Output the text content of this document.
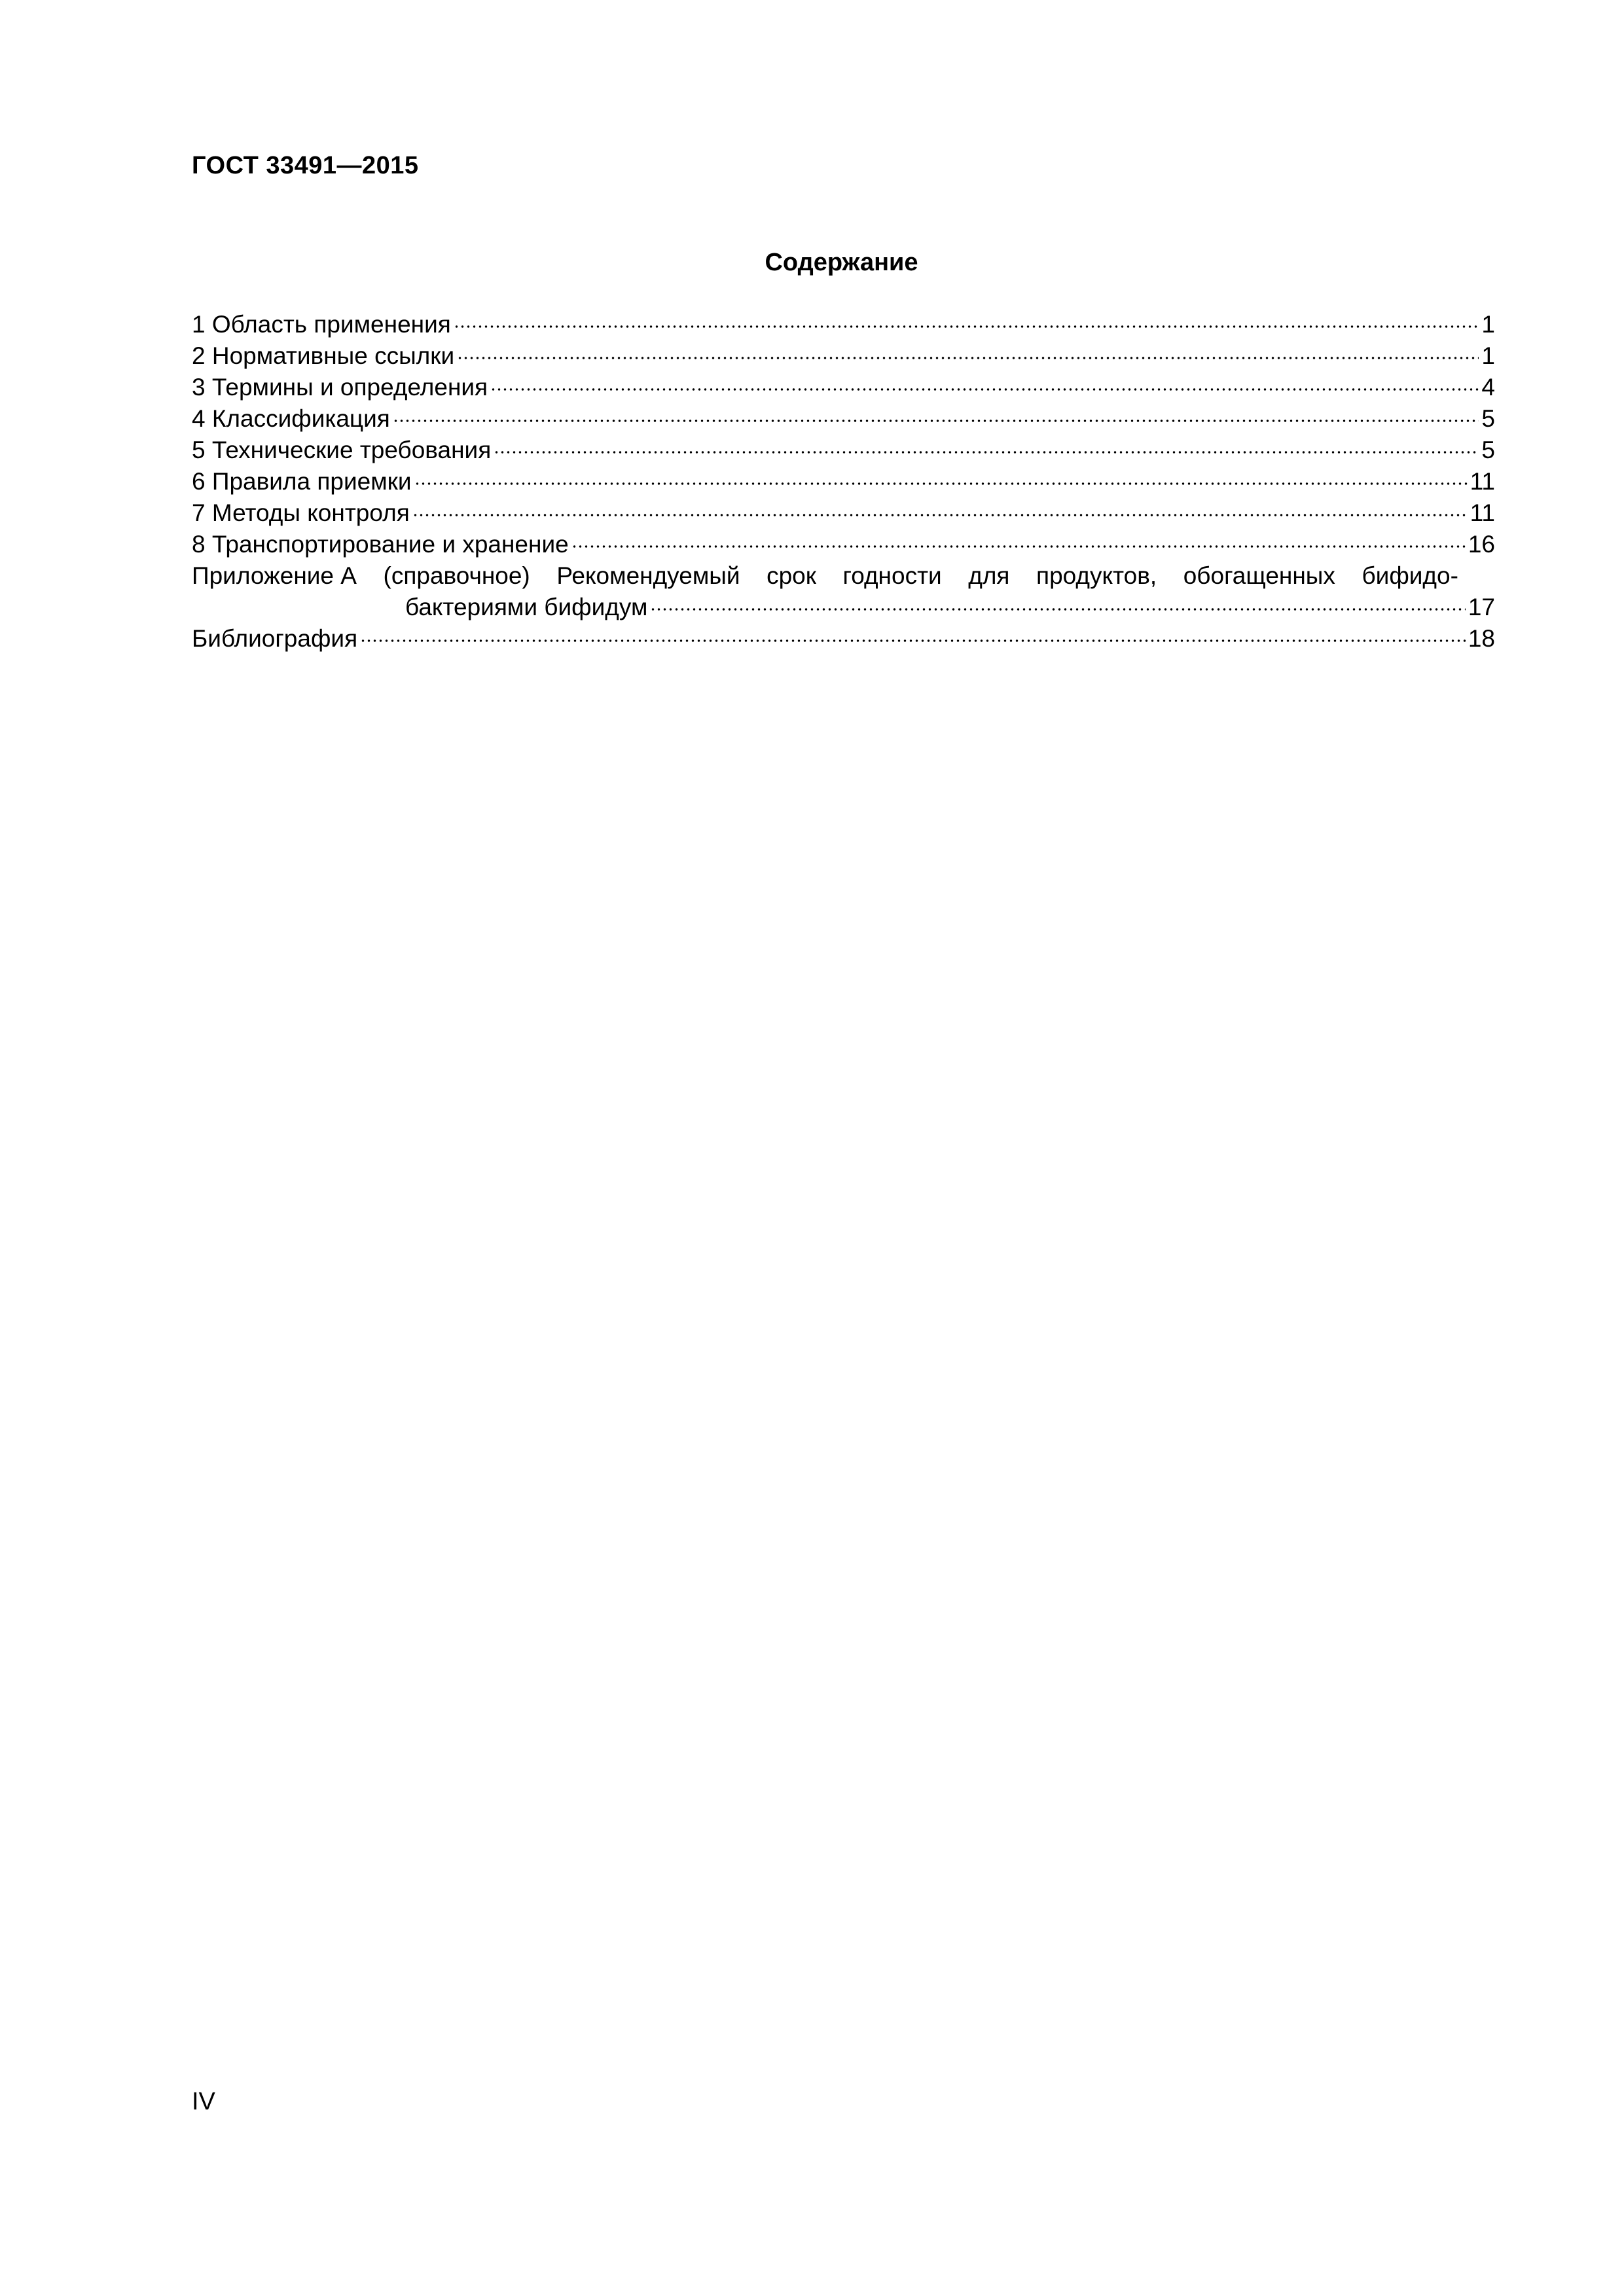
ГОСТ 33491—2015
Содержание
1 Область применения	1
2 Нормативные ссылки	1
3 Термины и определения	4
4 Классификация	5
5 Технические требования	5
6 Правила приемки	11
7 Методы контроля	11
8 Транспортирование и хранение	16
Приложение А (справочное) Рекомендуемый срок годности для продуктов, обогащенных бифидо-
бактериями бифидум	17
Библиография	18
IV
